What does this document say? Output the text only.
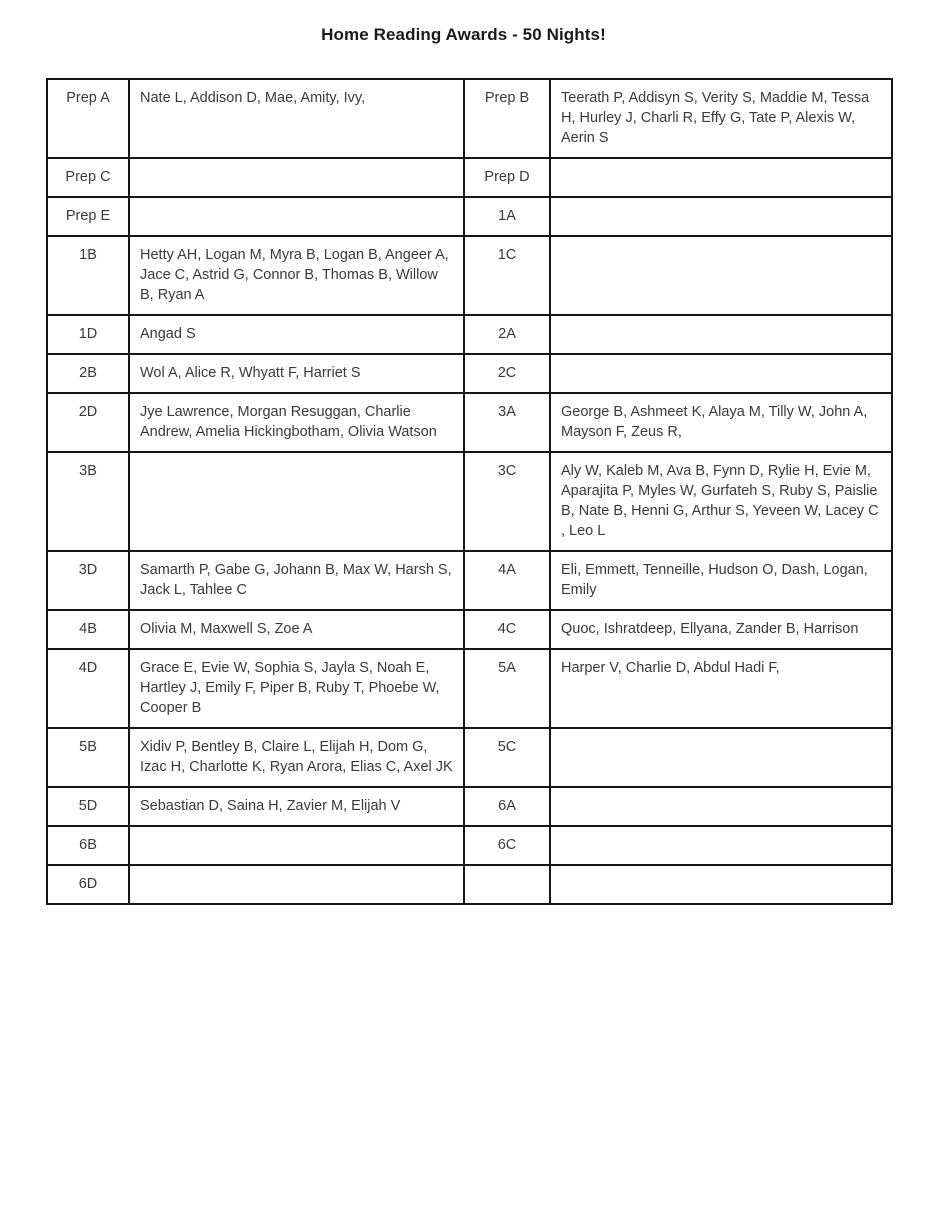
Home Reading Awards - 50 Nights!
Prep A	Nate L, Addison D, Mae, Amity, Ivy,	Prep B	Teerath P, Addisyn S, Verity S, Maddie M, Tessa H, Hurley J, Charli R, Effy G, Tate P, Alexis W, Aerin S
Prep C		Prep D	
Prep E		1A	
1B	Hetty AH, Logan M, Myra B, Logan B, Angeer A, Jace C, Astrid G, Connor B, Thomas B, Willow B, Ryan A	1C	
1D	Angad S	2A	
2B	Wol A, Alice R, Whyatt F, Harriet S	2C	
2D	Jye Lawrence, Morgan Resuggan, Charlie Andrew, Amelia Hickingbotham, Olivia Watson	3A	George B, Ashmeet K, Alaya M, Tilly W, John A, Mayson F, Zeus R,
3B		3C	Aly W, Kaleb M, Ava B, Fynn D, Rylie H, Evie M, Aparajita P, Myles W, Gurfateh S, Ruby S, Paislie B, Nate B, Henni G, Arthur S, Yeveen W, Lacey C , Leo L
3D	Samarth P, Gabe G, Johann B, Max W, Harsh S, Jack L, Tahlee C	4A	Eli, Emmett, Tenneille, Hudson O, Dash, Logan, Emily
4B	Olivia M, Maxwell S, Zoe A	4C	Quoc, Ishratdeep, Ellyana, Zander B, Harrison
4D	Grace E, Evie W, Sophia S, Jayla S, Noah E, Hartley J, Emily F, Piper B, Ruby T, Phoebe W, Cooper B	5A	Harper V, Charlie D, Abdul Hadi F,
5B	Xidiv P, Bentley B, Claire L, Elijah H, Dom G, Izac H, Charlotte K, Ryan Arora, Elias C, Axel JK	5C	
5D	Sebastian D, Saina H, Zavier M, Elijah V	6A	
6B		6C	
6D			
